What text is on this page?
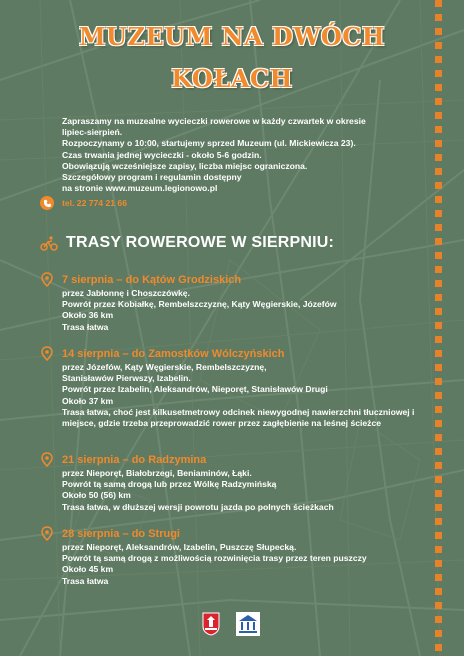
MUZEUM NA DWÓCH
KOŁACH
Zapraszamy na muzealne wycieczki rowerowe w każdy czwartek w okresie
lipiec-sierpień.
Rozpoczynamy o 10:00, startujemy sprzed Muzeum (ul. Mickiewicza 23).
Czas trwania jednej wycieczki - około 5-6 godzin.
Obowiązują wcześniejsze zapisy, liczba miejsc ograniczona.
Szczegółowy program i regulamin dostępny
na stronie www.muzeum.legionowo.pl
tel. 22 774 21 66
TRASY ROWEROWE W SIERPNIU:
7 sierpnia – do Kątów Grodziskich
przez Jabłonnę i Choszczówkę.
Powrót przez Kobiałkę, Rembelszczyznę, Kąty Węgierskie, Józefów
Około 36 km
Trasa łatwa
14 sierpnia – do Zamostków Wólczyńskich
przez Józefów, Kąty Węgierskie, Rembelszczyznę,
Stanisławów Pierwszy, Izabelin.
Powrót przez Izabelin, Aleksandrów, Nieporęt, Stanisławów Drugi
Około 37 km
Trasa łatwa, choć jest kilkusetmetrowy odcinek niewygodnej nawierzchni tłuczniowej i miejsce, gdzie trzeba przeprowadzić rower przez zagłębienie na leśnej ścieżce
21 sierpnia – do Radzymina
przez Nieporęt, Białobrzegi, Beniaminów, Łąki.
Powrót tą samą drogą lub przez Wólkę Radzymińską
Około 50 (56) km
Trasa łatwa, w dłuższej wersji powrotu jazda po polnych ścieżkach
28 sierpnia – do Strugi
przez Nieporęt, Aleksandrów, Izabelin, Puszczę Słupecką.
Powrót tą samą drogą z możliwością rozwinięcia trasy przez teren puszczy
Około 45 km
Trasa łatwa
